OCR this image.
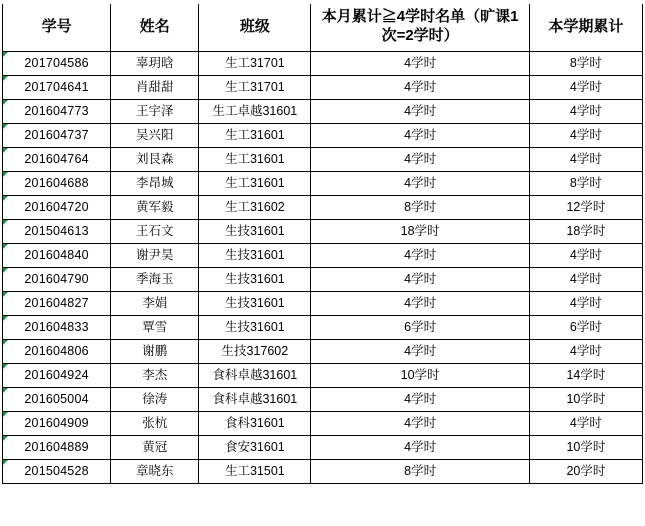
学号	姓名	班级	本月累计≧4学时名单（旷课1次=2学时）	本学期累计

201704586	辜玥晗	生工31701	4学时	8学时

201704641	肖甜甜	生工31701	4学时	4学时

201604773	王宇泽	生工卓越31601	4学时	4学时

201604737	吴兴阳	生工31601	4学时	4学时

201604764	刘艮森	生工31601	4学时	4学时

201604688	李昂城	生工31601	4学时	8学时

201604720	黄军毅	生工31602	8学时	12学时

201504613	王石文	生技31601	18学时	18学时

201604840	谢尹昊	生技31601	4学时	4学时

201604790	季海玉	生技31601	4学时	4学时

201604827	李娟	生技31601	4学时	4学时

201604833	覃雪	生技31601	6学时	6学时

201604806	谢鹏	生技317602	4学时	4学时

201604924	李杰	食科卓越31601	10学时	14学时

201605004	徐涛	食科卓越31601	4学时	10学时

201604909	张杭	食科31601	4学时	4学时

201604889	黄冠	食安31601	4学时	10学时

201504528	章晓东	生工31501	8学时	20学时
